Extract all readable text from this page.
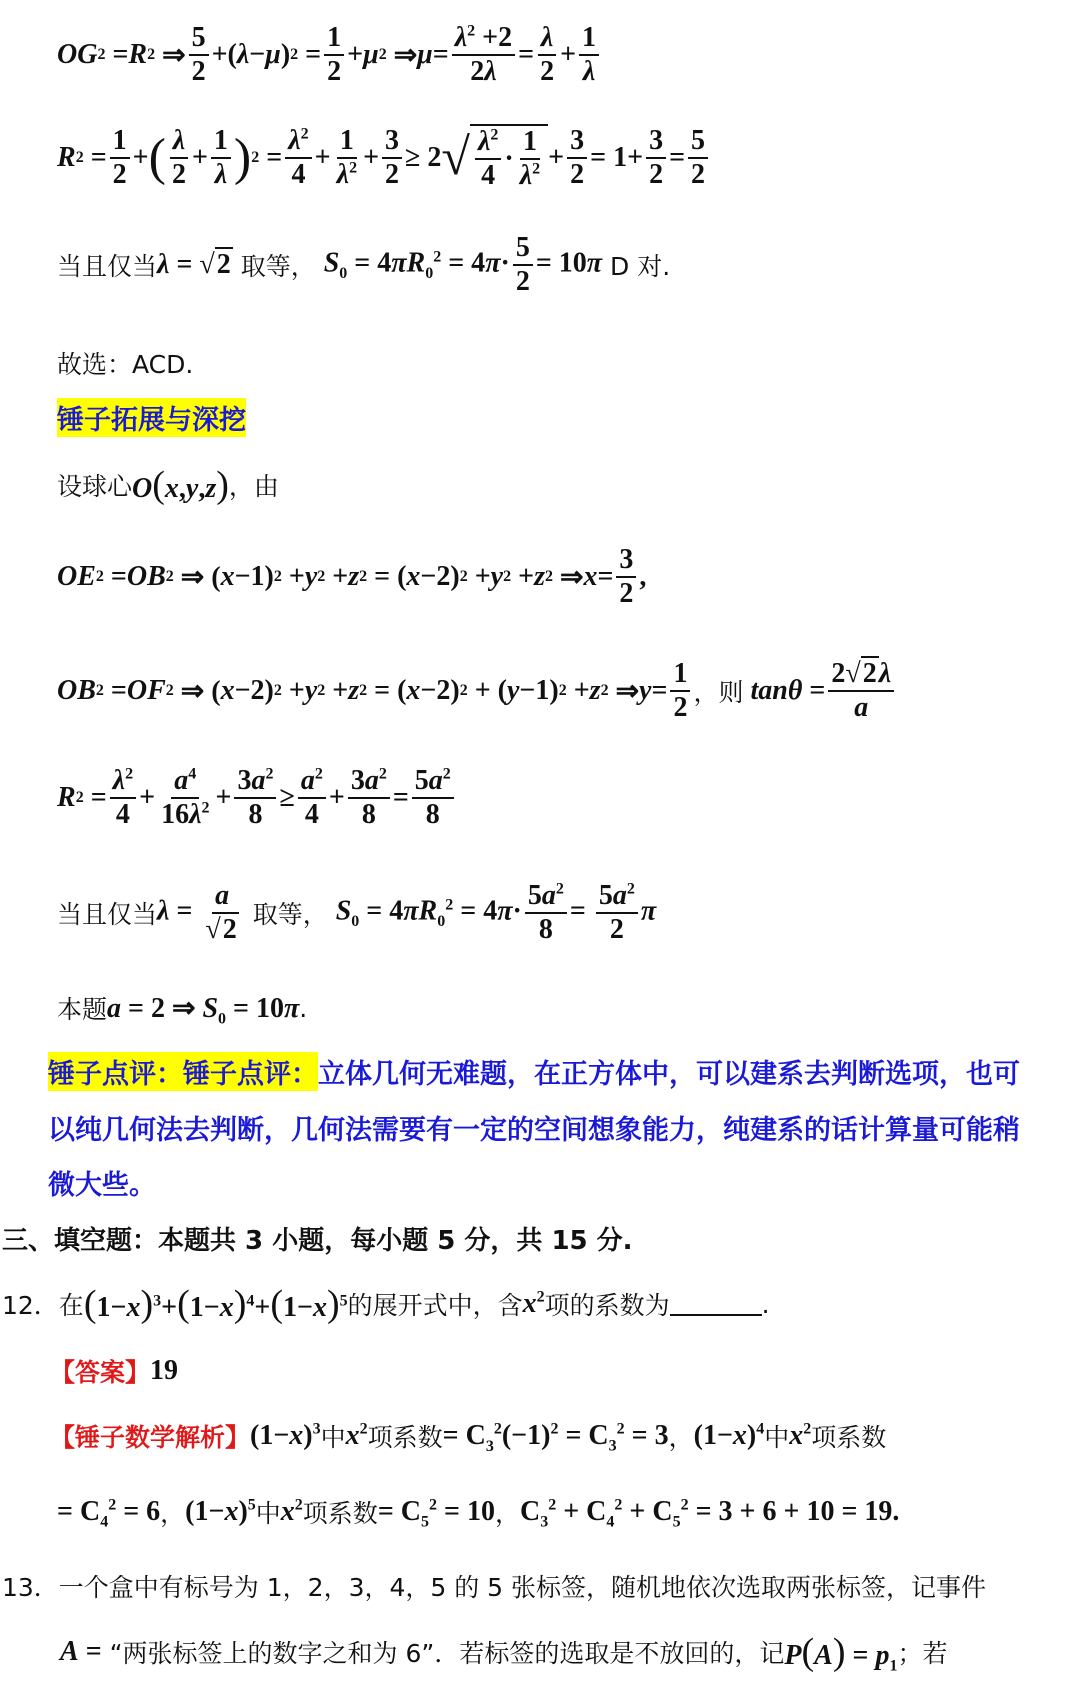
OG 2 = R 2 ⇒ $\frac{5}{2}$ +( λ − μ ) $2 = \frac{1}{2} + \mu$ 2 ⇒ $\mu = \frac{\lambda^2 +2}{2\lambda} = \frac{\lambda}{2} + \frac{1}{\lambda}$
R $2 = \frac{1}{2}$ + ( $\frac{\lambda}{2} + \frac{1}{\lambda}$ ) $2 = \frac{\lambda^2}{4} + \frac{1}{\lambda^2} + \frac{3}{2} \ge 2$ √ $\frac{\lambda^2}{4} \cdot \frac{1}{\lambda^2} + \frac{3}{2} = 1+ \frac{3}{2} = \frac{5}{2}$
当且仅当 λ = √2
取等，
$S_0 = 4\pi R_0^2 = 4\pi\cdot \frac{5}{2} = 10\pi$
D 对.
故选：ACD.
锤子拓展与深挖
设球心 O(x,y,z) ，由
OE 2 = OB 2 ⇒ ( x −1) 2 + y 2 + z 2 = ( x −2) 2 + y 2 + z 2 ⇒ $x = \frac{3}{2}$ ,
OB 2 = OF 2 ⇒ ( x −2) 2 + y 2 + z 2 = ( x −2) 2 + ( y −1) 2 + z 2 ⇒ $y = \frac{1}{2}$ ，则
$\tan\theta = \frac{2√2\lambda}{a}$
R $2 = \frac{\lambda^2}{4} + \frac{a^4}{16\lambda^2} + \frac{3a^2}{8} \ge \frac{a^2}{4} + \frac{3a^2}{8} = \frac{5a^2}{8}$
当且仅当 $\lambda = \frac{a}{√2}$
取等，
$S_0 = 4\pi R_0^2 = 4\pi\cdot \frac{5a^2}{8} = \frac{5a^2}{2}$ π
本题 a = 2 ⇒ $S_0 = 10\pi$ .
锤子点评：锤子点评： 立体几何无难题，在正方体中，可以建系去判断选项，也可
以纯几何法去判断，几何法需要有一定的空间想象能力，纯建系的话计算量可能稍
微大些。
三、填空题：本题共 3 小题，每小题 5 分，共 15 分.
12．在 $(1-x)^3+(1-x)^4+(1-x)^5$ 的展开式中，含 $x^2$ 项的系数为	.
【答案】 19
【锤子数学解析】 $(1-x)^3$ 中 $x^2$ 项系数 = $C_3^2(-1)^2 = C_3^2 = 3$ ， $(1-x)^4$ 中 $x^2$ 项系数
= $C_4^2 = 6$ ， $(1-x)^5$ 中 $x^2$ 项系数 = $C_5^2 = 10$ ， $C_3^2 + C_4^2 + C_5^2 = 3 + 6 + 10 = 19$.
13．一个盒中有标号为 1，2，3，4，5 的 5 张标签，随机地依次选取两张标签，记事件
A =
“两张标签上的数字之和为 6”．若标签的选取是不放回的，记 $P(A) = p_1$ ；若
